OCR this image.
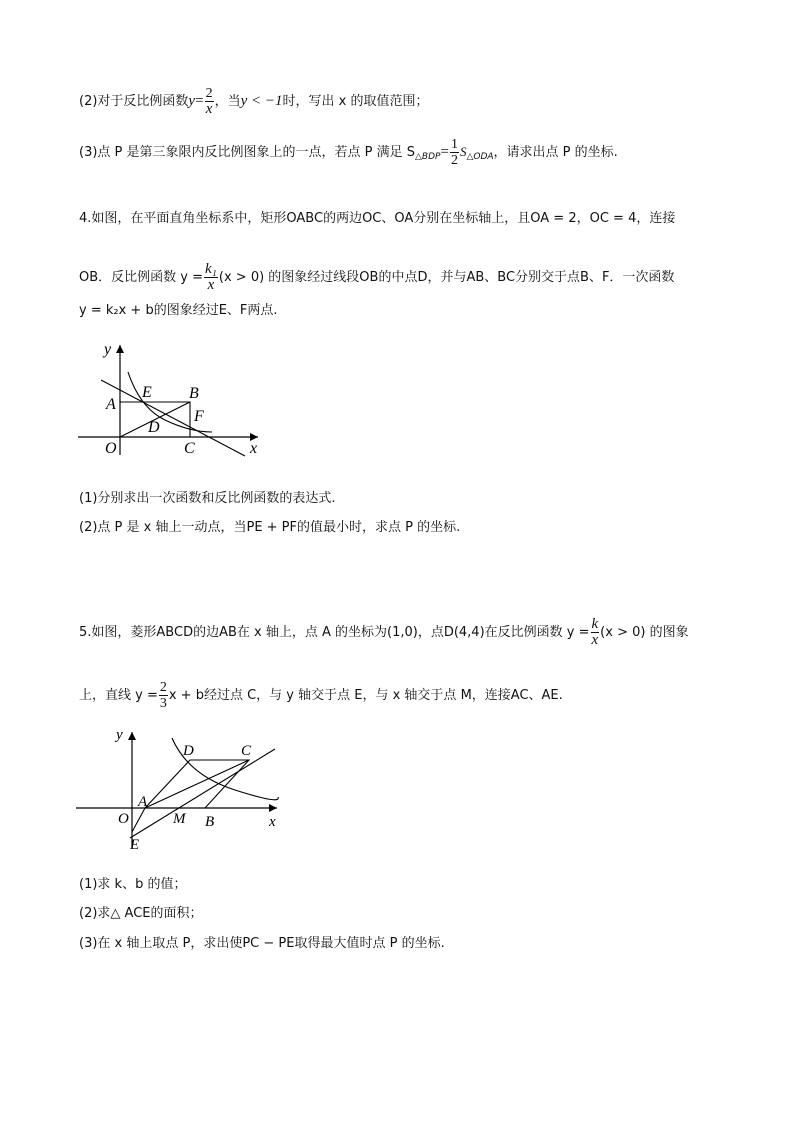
(2)对于反比例函数$y= \frac{2}{x}$ ，当y < −1时，写出 x 的取值范围；
(3)点 P 是第三象限内反比例图象上的一点，若点 P 满足 $S_{\triangle BDP}= \frac{1}{2} S_{\triangle ODA}$，请求出点 P 的坐标.
4.如图，在平面直角坐标系中，矩形OABC的两边OC、OA分别在坐标轴上，且OA = 2，OC = 4，连接
OB．反比例函数 $y = \frac{\text{k₁}}{x} (x > 0)$ 的图象经过线段OB的中点D，并与AB、BC分别交于点B、F．一次函数
y = k₂x + b的图象经过E、F两点.
y
x
O
A
E B
F
D
C
(1)分别求出一次函数和反比例函数的表达式.
(2)点 P 是 x 轴上一动点，当PE + PF的值最小时，求点 P 的坐标.
5.如图，菱形ABCD的边AB在 x 轴上，点 A 的坐标为(1,0)，点D(4,4)在反比例函数 $y = \frac{k}{x} (x > 0)$ 的图象
上，直线 $y = \frac{2}{3}$ x + b经过点 C，与 y 轴交于点 E，与 x 轴交于点 M，连接AC、AE.
y
x
O
A
M B
D	C
E
(1)求 k、b 的值；
(2)求△ ACE的面积；
(3)在 x 轴上取点 P，求出使PC − PE取得最大值时点 P 的坐标.
